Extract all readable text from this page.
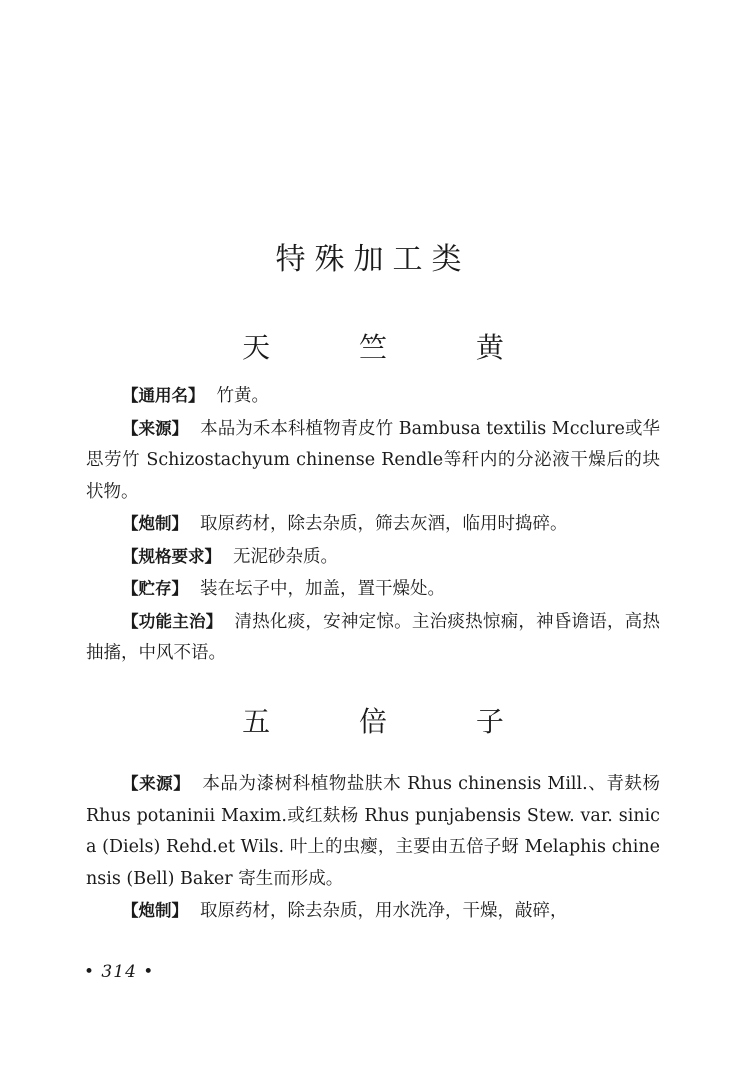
特殊加工类
天 竺 黄

【通用名】 竹黄。

【来源】 本品为禾本科植物青皮竹 Bambusa textilis Mcclure或华思劳竹 Schizostachyum chinense Rendle等秆内的分泌液干燥后的块状物。

【炮制】 取原药材，除去杂质，筛去灰酒，临用时捣碎。

【规格要求】 无泥砂杂质。

【贮存】 装在坛子中，加盖，置干燥处。

【功能主治】 清热化痰，安神定惊。主治痰热惊痫，神昏谵语，高热抽搐，中风不语。

五 倍 子

【来源】 本品为漆树科植物盐肤木 Rhus chinensis Mill.、青麸杨 Rhus potaninii Maxim.或红麸杨 Rhus punjabensis Stew. var. sinica (Diels) Rehd.et Wils. 叶上的虫瘿，主要由五倍子蚜 Melaphis chinensis (Bell) Baker 寄生而形成。

【炮制】 取原药材，除去杂质，用水洗净，干燥，敲碎，

• 314 •
